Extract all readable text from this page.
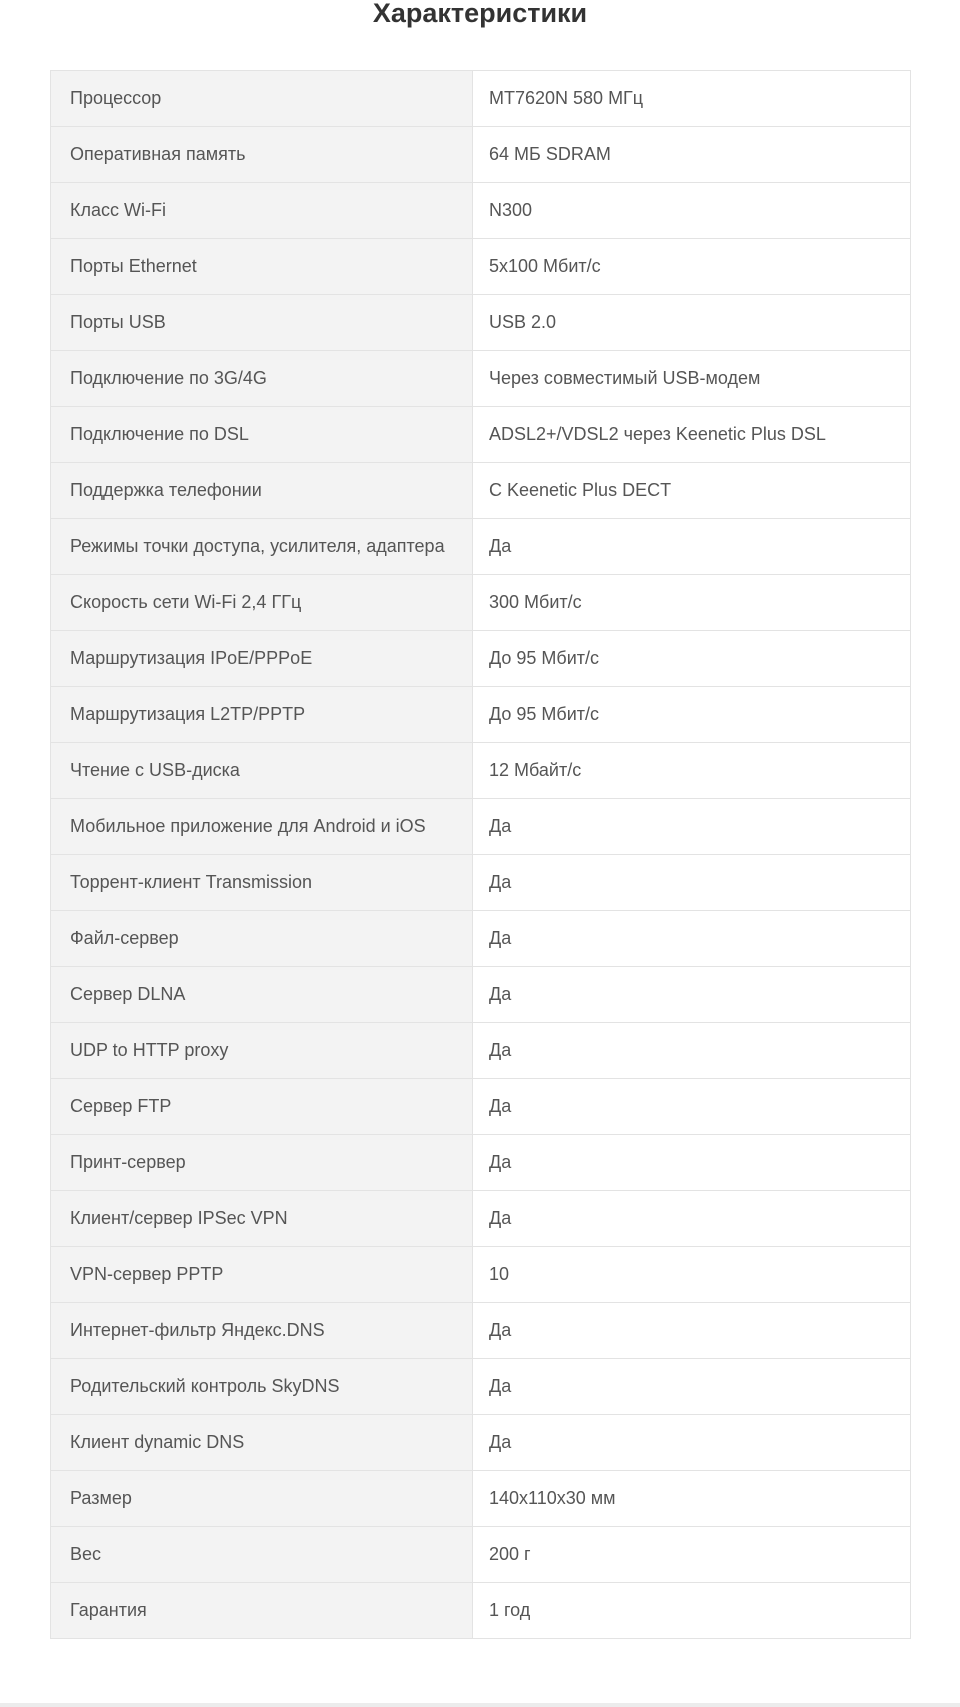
Характеристики
Процессор	MT7620N 580 МГц
Оперативная память	64 МБ SDRAM
Класс Wi-Fi	N300
Порты Ethernet	5x100 Мбит/с
Порты USB	USB 2.0
Подключение по 3G/4G	Через совместимый USB-модем
Подключение по DSL	ADSL2+/VDSL2 через Keenetic Plus DSL
Поддержка телефонии	С Keenetic Plus DECT
Режимы точки доступа, усилителя, адаптера	Да
Скорость сети Wi-Fi 2,4 ГГц	300 Мбит/с
Маршрутизация IPoE/PPPoE	До 95 Мбит/с
Маршрутизация L2TP/PPTP	До 95 Мбит/с
Чтение с USB-диска	12 Мбайт/с
Мобильное приложение для Android и iOS	Да
Торрент-клиент Transmission	Да
Файл-сервер	Да
Сервер DLNA	Да
UDP to HTTP proxy	Да
Сервер FTP	Да
Принт-сервер	Да
Клиент/сервер IPSec VPN	Да
VPN-сервер PPTP	10
Интернет-фильтр Яндекс.DNS	Да
Родительский контроль SkyDNS	Да
Клиент dynamic DNS	Да
Размер	140x110x30 мм
Вес	200 г
Гарантия	1 год
